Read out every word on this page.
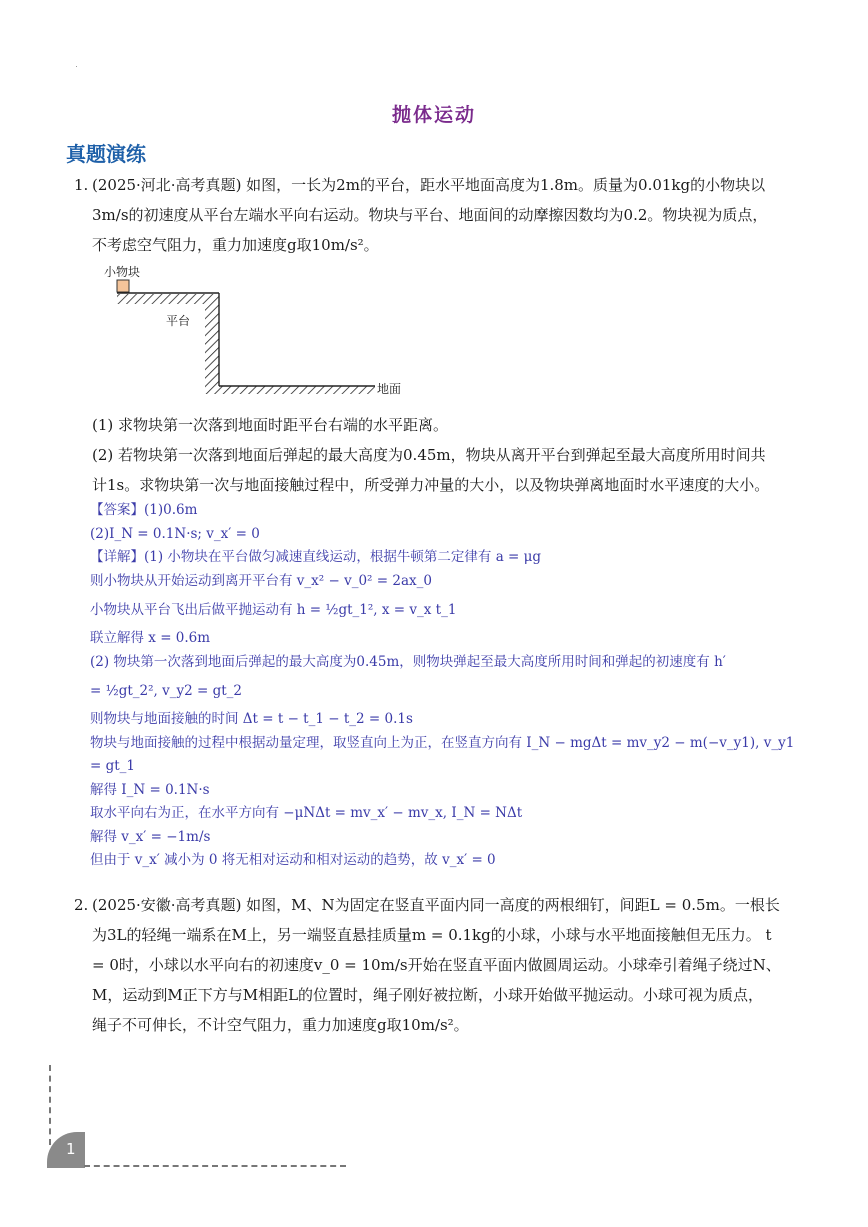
抛体运动
真题演练
1. (2025·河北·高考真题) 如图，一长为2m的平台，距水平地面高度为1.8m。质量为0.01kg的小物块以
3m/s的初速度从平台左端水平向右运动。物块与平台、地面间的动摩擦因数均为0.2。物块视为质点，
不考虑空气阻力，重力加速度g取10m/s²。
小物块
平台
地面
(1) 求物块第一次落到地面时距平台右端的水平距离。
(2) 若物块第一次落到地面后弹起的最大高度为0.45m，物块从离开平台到弹起至最大高度所用时间共
计1s。求物块第一次与地面接触过程中，所受弹力冲量的大小，以及物块弹离地面时水平速度的大小。
【答案】(1)0.6m
(2)I_N = 0.1N·s; v_x′ = 0
【详解】(1) 小物块在平台做匀减速直线运动，根据牛顿第二定律有 a = μg
则小物块从开始运动到离开平台有 v_x² − v_0² = 2ax_0
小物块从平台飞出后做平抛运动有 h = ½gt_1², x = v_x t_1
联立解得 x = 0.6m
(2) 物块第一次落到地面后弹起的最大高度为0.45m，则物块弹起至最大高度所用时间和弹起的初速度有 h′
= ½gt_2², v_y2 = gt_2
则物块与地面接触的时间 Δt = t − t_1 − t_2 = 0.1s
物块与地面接触的过程中根据动量定理，取竖直向上为正，在竖直方向有 I_N − mgΔt = mv_y2 − m(−v_y1), v_y1
= gt_1
解得 I_N = 0.1N·s
取水平向右为正，在水平方向有 −μNΔt = mv_x′ − mv_x, I_N = NΔt
解得 v_x′ = −1m/s
但由于 v_x′ 减小为 0 将无相对运动和相对运动的趋势，故 v_x′ = 0
2. (2025·安徽·高考真题) 如图，M、N为固定在竖直平面内同一高度的两根细钉，间距L = 0.5m。一根长
为3L的轻绳一端系在M上，另一端竖直悬挂质量m = 0.1kg的小球，小球与水平地面接触但无压力。 t
= 0时，小球以水平向右的初速度v_0 = 10m/s开始在竖直平面内做圆周运动。小球牵引着绳子绕过N、
M，运动到M正下方与M相距L的位置时，绳子刚好被拉断，小球开始做平抛运动。小球可视为质点，
绳子不可伸长，不计空气阻力，重力加速度g取10m/s²。
1
